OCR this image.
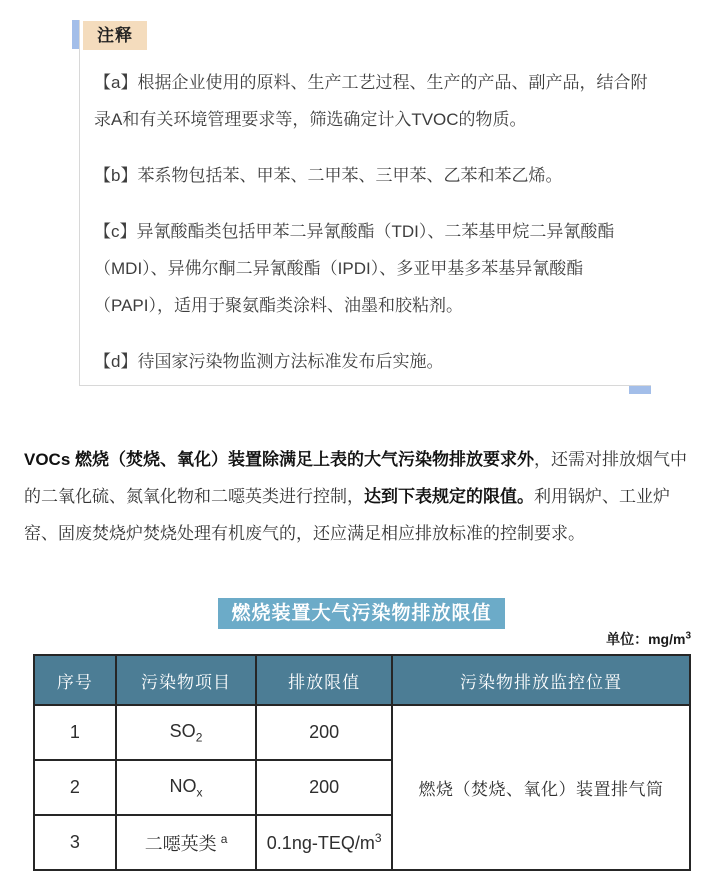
注释

【a】根据企业使用的原料、生产工艺过程、生产的产品、副产品，结合附录A和有关环境管理要求等，筛选确定计入TVOC的物质。

【b】苯系物包括苯、甲苯、二甲苯、三甲苯、乙苯和苯乙烯。

【c】异氰酸酯类包括甲苯二异氰酸酯（TDI）、二苯基甲烷二异氰酸酯（MDI）、异佛尔酮二异氰酸酯（IPDI）、多亚甲基多苯基异氰酸酯（PAPI），适用于聚氨酯类涂料、油墨和胶粘剂。

【d】待国家污染物监测方法标准发布后实施。

VOCs 燃烧（焚烧、氧化）装置除满足上表的大气污染物排放要求外，还需对排放烟气中的二氧化硫、氮氧化物和二噁英类进行控制，达到下表规定的限值。利用锅炉、工业炉窑、固废焚烧炉焚烧处理有机废气的，还应满足相应排放标准的控制要求。

燃烧装置大气污染物排放限值
单位：$mg/m^3$
序号	污染物项目	排放限值	污染物排放监控位置
1	$SO_2$	200	燃烧（焚烧、氧化）装置排气筒
2	$NO_x$	200	
3	二噁英类 $^a$	$0.1ng-TEQ/m^3$
